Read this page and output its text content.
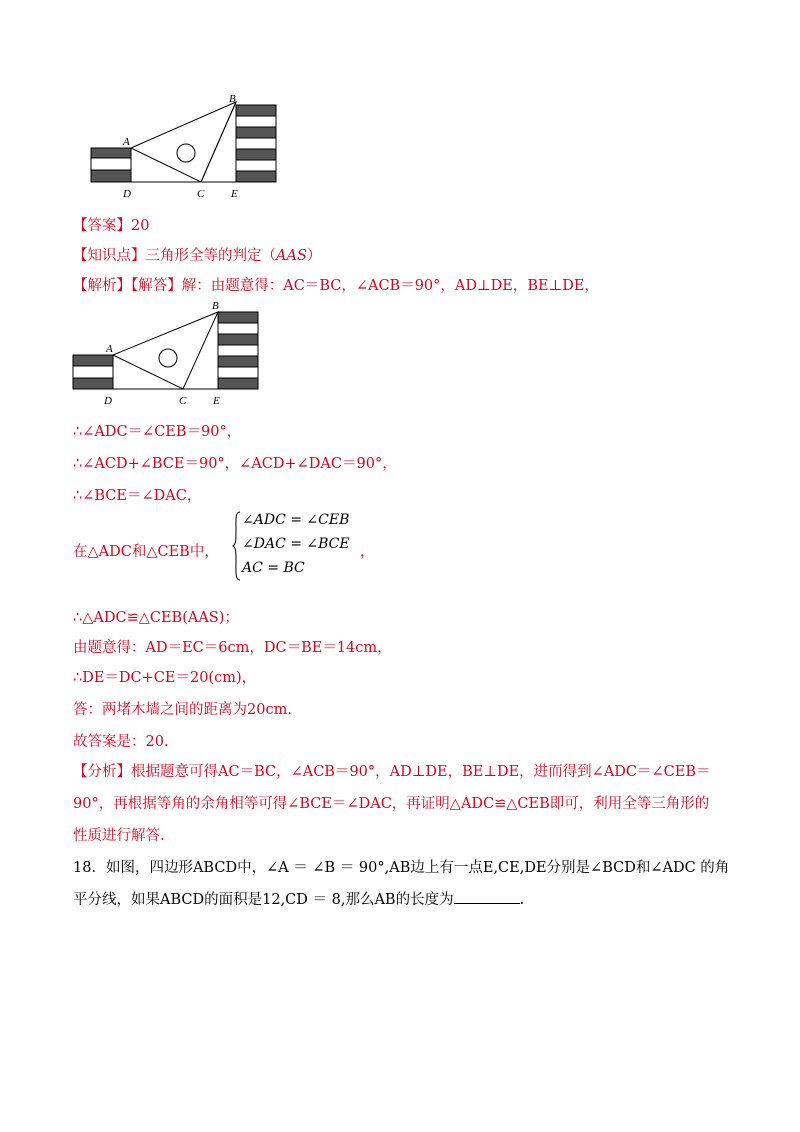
A
B
C
D	E
【答案】20
【知识点】三角形全等的判定（AAS）
【解析】【解答】解：由题意得：AC＝BC，∠ACB＝90°，AD⊥DE，BE⊥DE，
A
B
C
D	E
∴∠ADC＝∠CEB＝90°，
∴∠ACD+∠BCE＝90°，∠ACD+∠DAC＝90°，
∴∠BCE＝∠DAC，
在△ADC和△CEB中，
∠ADC = ∠CEB
∠DAC = ∠BCE
AC = BC
，
∴△ADC≌△CEB(AAS)；
由题意得：AD＝EC＝6cm，DC＝BE＝14cm，
∴DE＝DC+CE＝20(cm)，
答：两堵木墙之间的距离为20cm.
故答案是：20.
【分析】根据题意可得AC＝BC，∠ACB＝90°，AD⊥DE，BE⊥DE，进而得到∠ADC＝∠CEB＝
90°，再根据等角的余角相等可得∠BCE＝∠DAC，再证明△ADC≌△CEB即可，利用全等三角形的
性质进行解答.
18．如图，四边形ABCD中，∠A ＝ ∠B ＝ 90°,AB边上有一点E,CE,DE分别是∠BCD和∠ADC 的角
平分线，如果ABCD的面积是12,CD ＝ 8,那么AB的长度为	.
